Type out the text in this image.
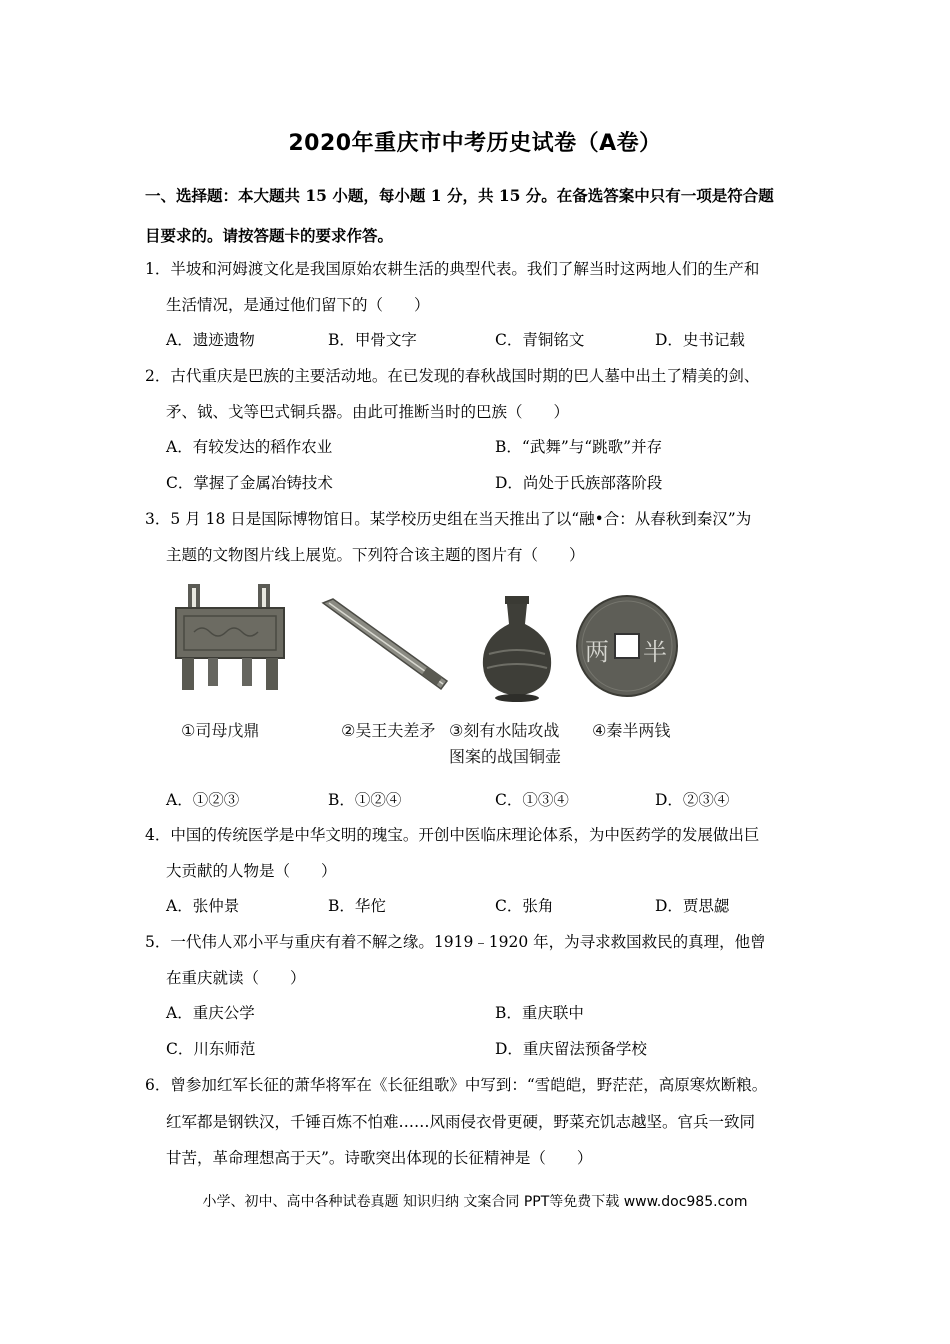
2020年重庆市中考历史试卷（A卷）
一、选择题：本大题共 15 小题，每小题 1 分，共 15 分。在备选答案中只有一项是符合题
目要求的。请按答题卡的要求作答。
1．半坡和河姆渡文化是我国原始农耕生活的典型代表。我们了解当时这两地人们的生产和
生活情况，是通过他们留下的（　　）
A．遗迹遗物	B．甲骨文字	C．青铜铭文	D．史书记载
2．古代重庆是巴族的主要活动地。在已发现的春秋战国时期的巴人墓中出土了精美的剑、
矛、钺、戈等巴式铜兵器。由此可推断当时的巴族（　　）
A．有较发达的稻作农业	B．“武舞”与“跳歌”并存
C．掌握了金属冶铸技术	D．尚处于氏族部落阶段
3．5 月 18 日是国际博物馆日。某学校历史组在当天推出了以“融•合：从春秋到秦汉”为
主题的文物图片线上展览。下列符合该主题的图片有（　　）
两 半
①司母戊鼎	②吴王夫差矛 ③刻有水陆攻战
图案的战国铜壶
④秦半两钱
A．①②③	B．①②④	C．①③④	D．②③④
4．中国的传统医学是中华文明的瑰宝。开创中医临床理论体系，为中医药学的发展做出巨
大贡献的人物是（　　）
A．张仲景	B．华佗	C．张角	D．贾思勰
5．一代伟人邓小平与重庆有着不解之缘。1919﹣1920 年，为寻求救国救民的真理，他曾
在重庆就读（　　）
A．重庆公学	B．重庆联中
C．川东师范	D．重庆留法预备学校
6．曾参加红军长征的萧华将军在《长征组歌》中写到：“雪皑皑，野茫茫，高原寒炊断粮。
红军都是钢铁汉，千锤百炼不怕难……风雨侵衣骨更硬，野菜充饥志越坚。官兵一致同
甘苦，革命理想高于天”。诗歌突出体现的长征精神是（　　）
小学、初中、高中各种试卷真题 知识归纳 文案合同 PPT等免费下载 www.doc985.com
